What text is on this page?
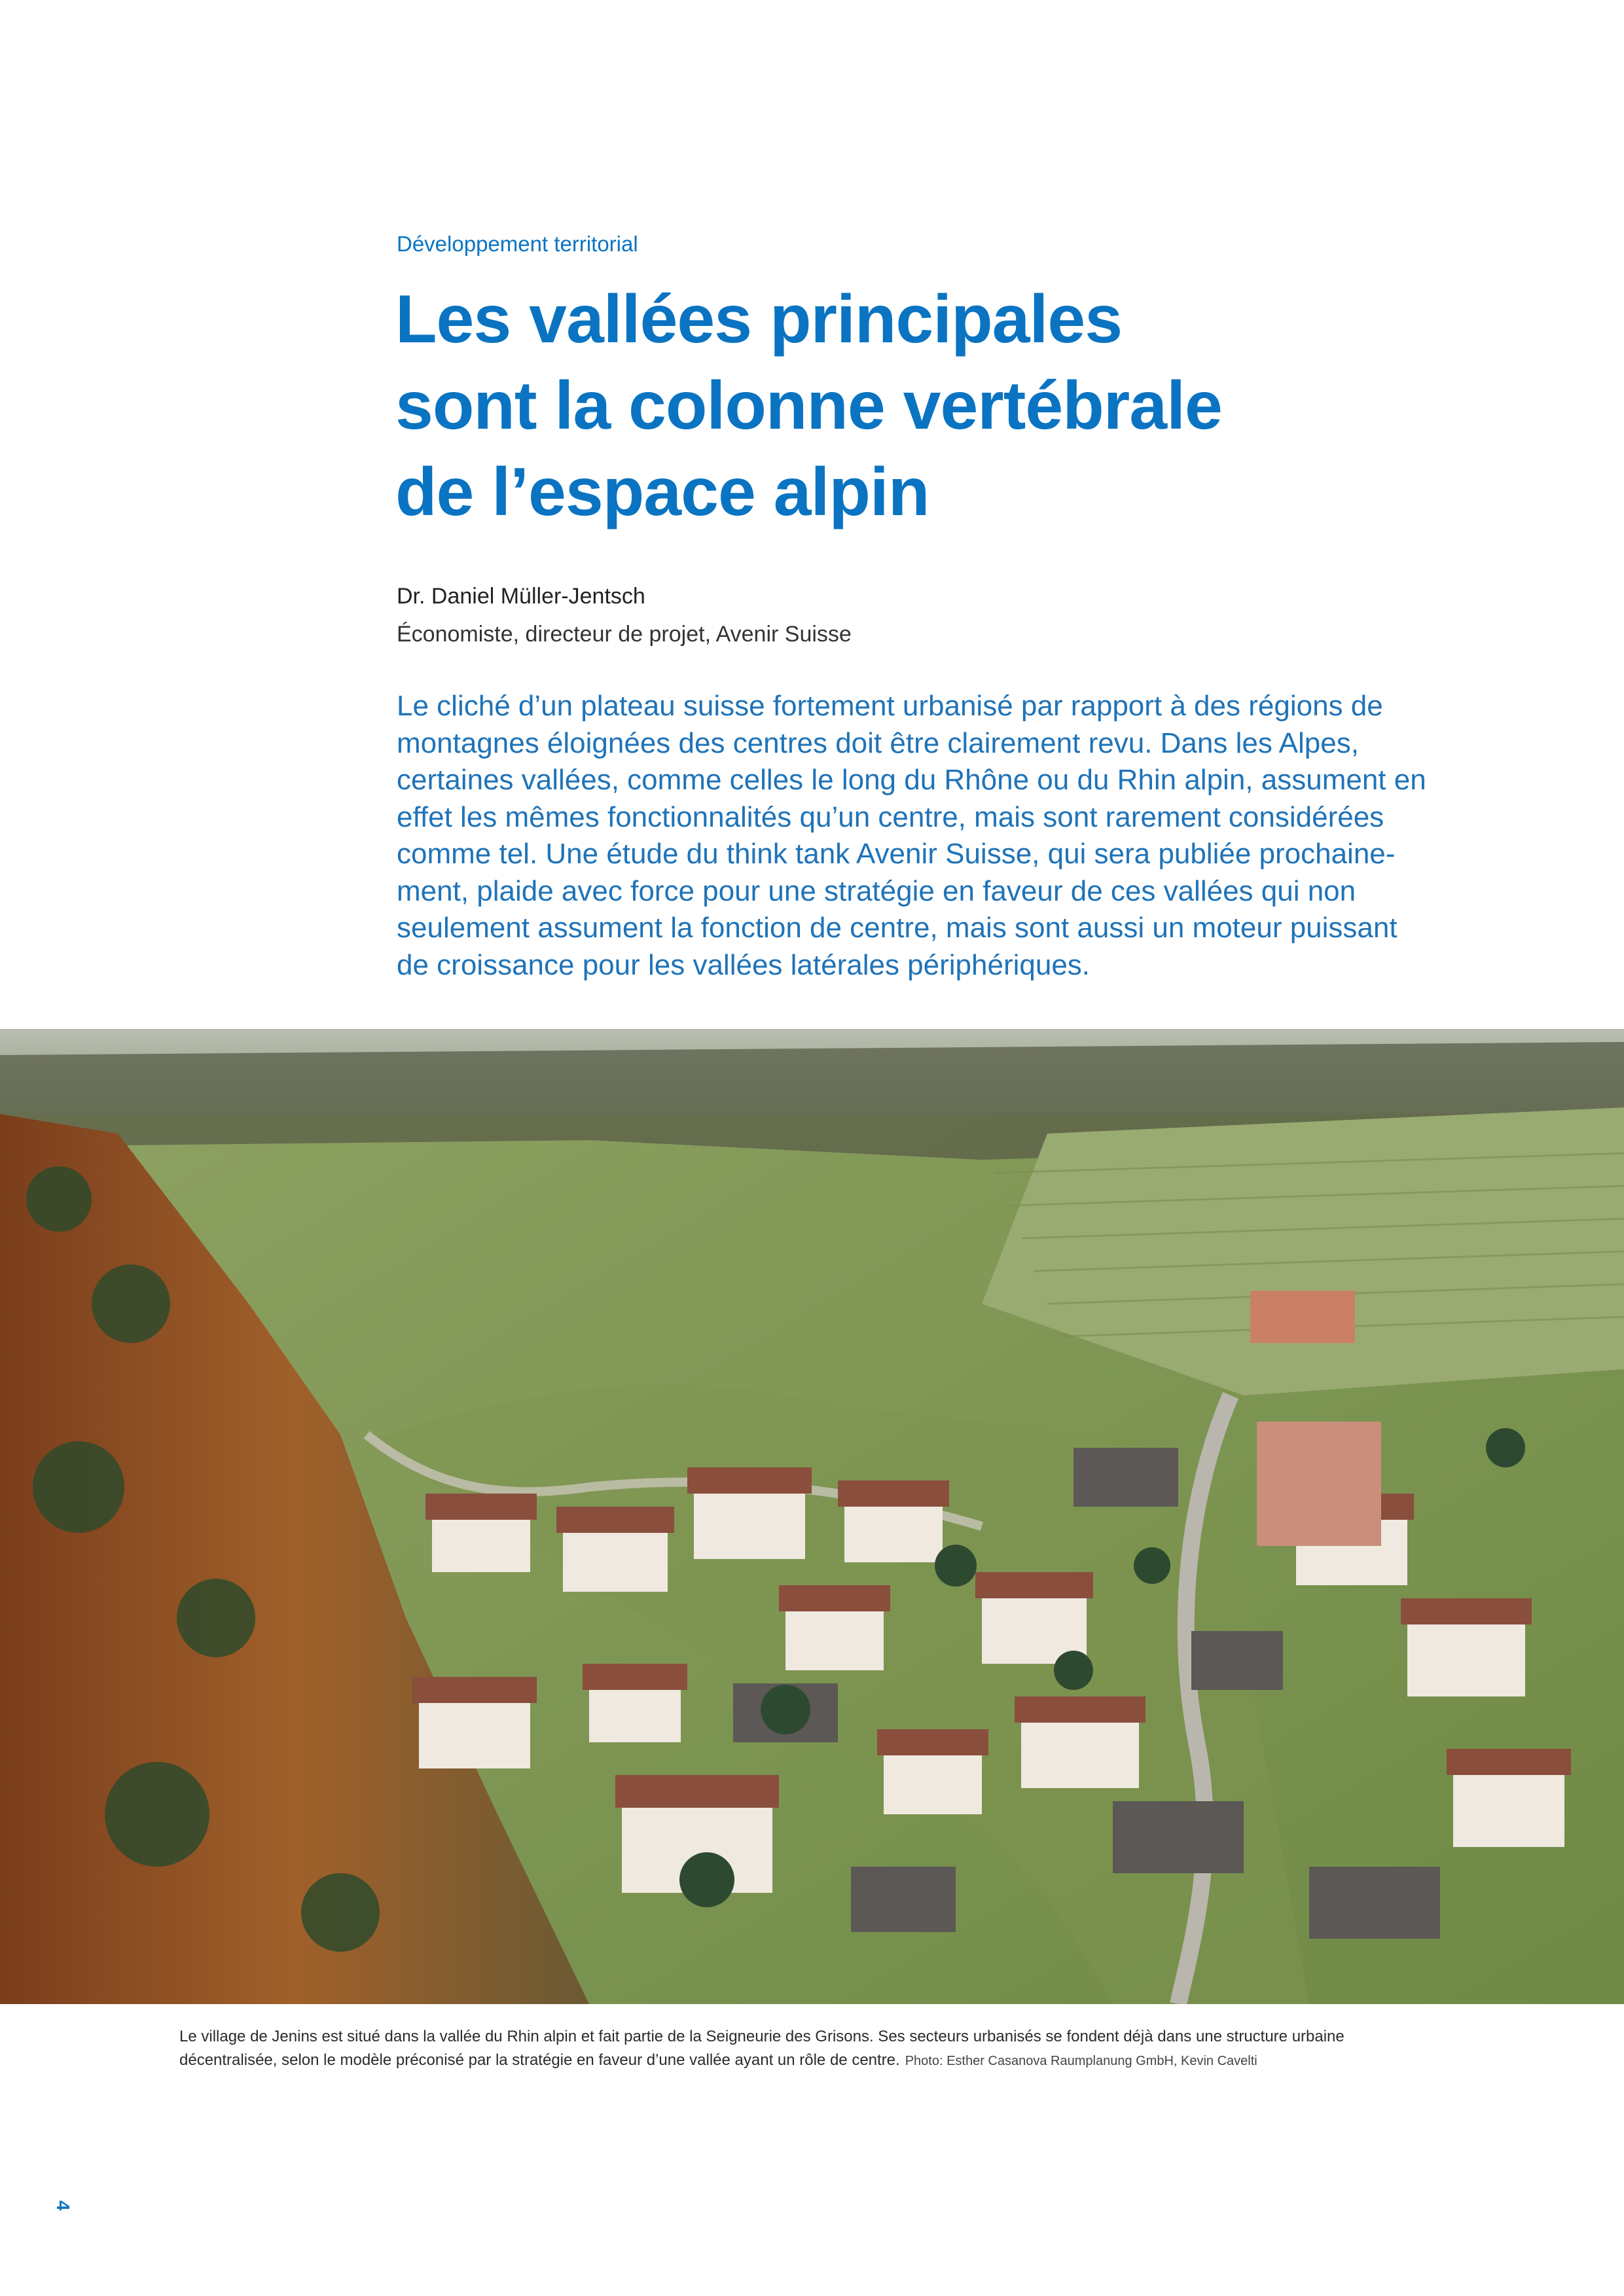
Développement territorial
Les vallées principales
sont la colonne vertébrale
de l’espace alpin
Dr. Daniel Müller-Jentsch
Économiste, directeur de projet, Avenir Suisse
Le cliché d’un plateau suisse fortement urbanisé par rapport à des régions de
montagnes éloignées des centres doit être clairement revu. Dans les Alpes,
certaines vallées, comme celles le long du Rhône ou du Rhin alpin, assument en
effet les mêmes fonctionnalités qu’un centre, mais sont rarement considérées
comme tel. Une étude du think tank Avenir Suisse, qui sera publiée prochaine-
ment, plaide avec force pour une stratégie en faveur de ces vallées qui non
seulement assument la fonction de centre, mais sont aussi un moteur puissant
de croissance pour les vallées latérales périphériques.
Le village de Jenins est situé dans la vallée du Rhin alpin et fait partie de la Seigneurie des Grisons. Ses secteurs urbanisés se fondent déjà dans une structure urbaine
décentralisée, selon le modèle préconisé par la stratégie en faveur d’une vallée ayant un rôle de centre. Photo: Esther Casanova Raumplanung GmbH, Kevin Cavelti
4
